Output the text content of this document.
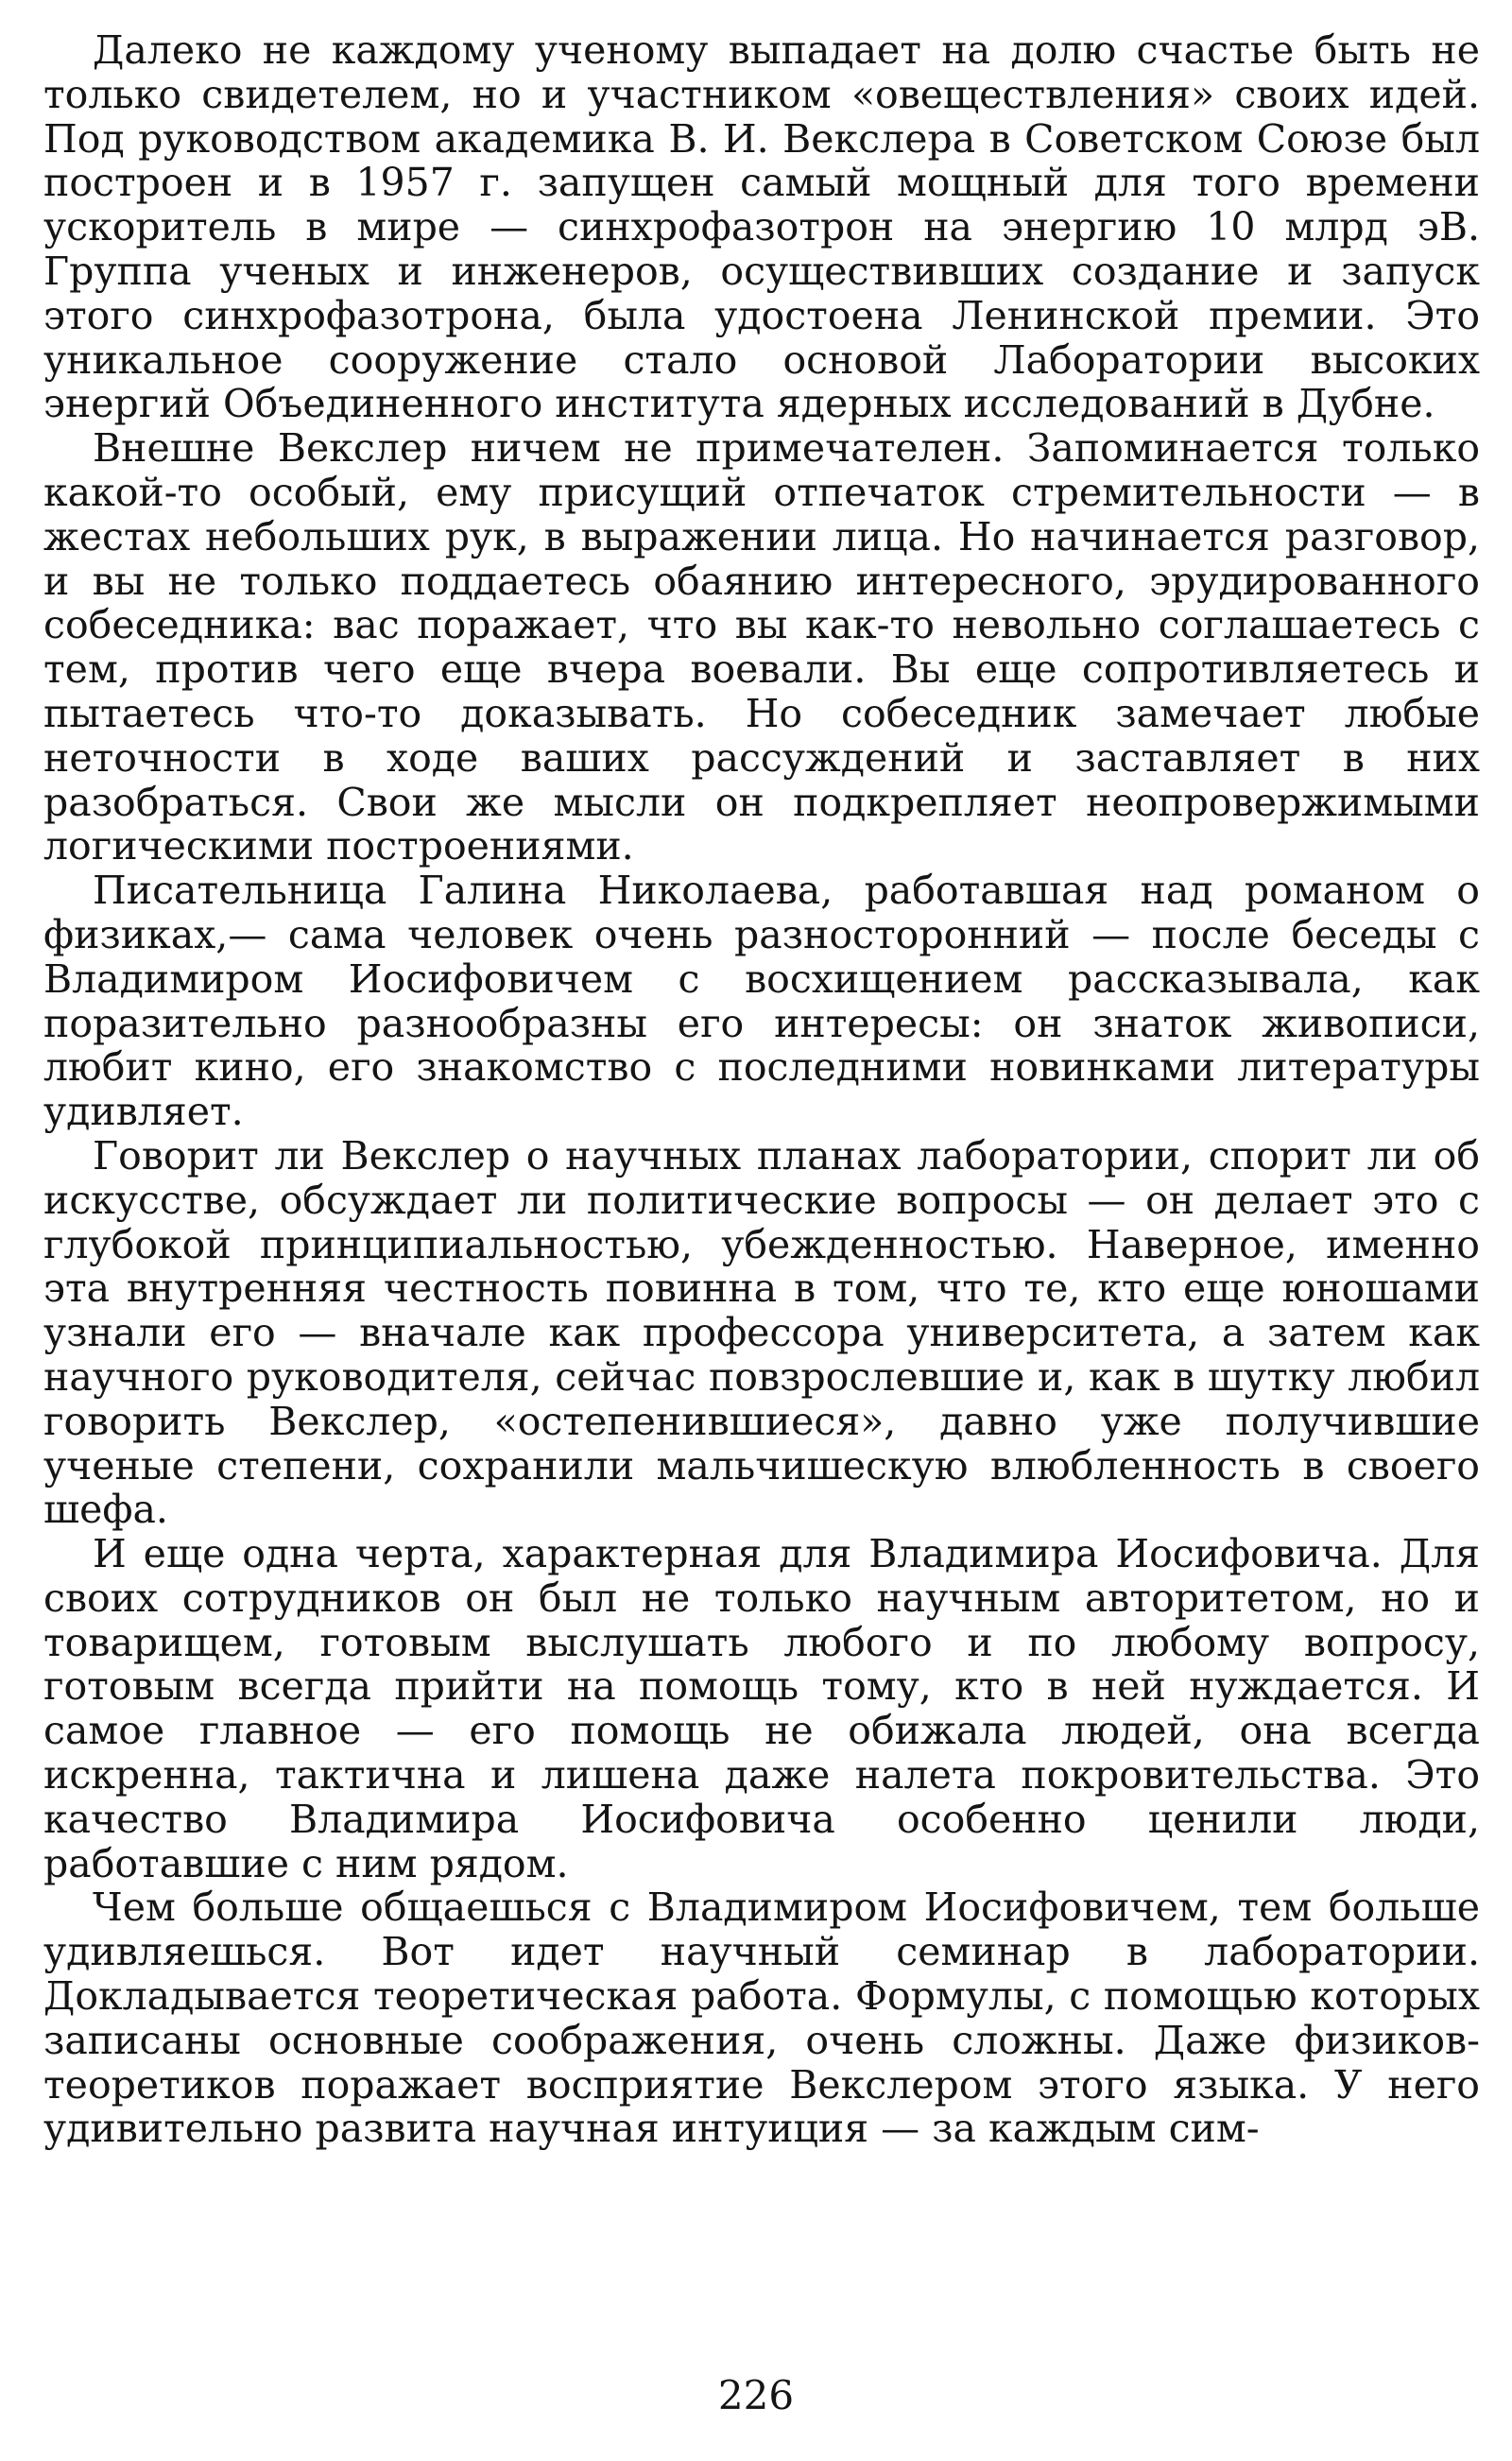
Далеко не каждому ученому выпадает на долю счастье быть не только свидетелем, но и участником «овеществления» своих идей. Под руководством академика В. И. Векслера в Советском Союзе был построен и в 1957 г. запущен самый мощный для того времени ускоритель в мире — синхрофазотрон на энергию 10 млрд эВ. Группа ученых и инженеров, осуществивших создание и запуск этого синхрофазотрона, была удостоена Ленинской премии. Это уникальное сооружение стало основой Лаборатории высоких энергий Объединенного института ядерных исследований в Дубне.

Внешне Векслер ничем не примечателен. Запоминается только какой-то особый, ему присущий отпечаток стремительности — в жестах небольших рук, в выражении лица. Но начинается разговор, и вы не только поддаетесь обаянию интересного, эрудированного собеседника: вас поражает, что вы как-то невольно соглашаетесь с тем, против чего еще вчера воевали. Вы еще сопротивляетесь и пытаетесь что-то доказывать. Но собеседник замечает любые неточности в ходе ваших рассуждений и заставляет в них разобраться. Свои же мысли он подкрепляет неопровержимыми логическими построениями.

Писательница Галина Николаева, работавшая над романом о физиках,— сама человек очень разносторонний — после беседы с Владимиром Иосифовичем с восхищением рассказывала, как поразительно разнообразны его интересы: он знаток живописи, любит кино, его знакомство с последними новинками литературы удивляет.

Говорит ли Векслер о научных планах лаборатории, спорит ли об искусстве, обсуждает ли политические вопросы — он делает это с глубокой принципиальностью, убежденностью. Наверное, именно эта внутренняя честность повинна в том, что те, кто еще юношами узнали его — вначале как профессора университета, а затем как научного руководителя, сейчас повзрослевшие и, как в шутку любил говорить Векслер, «остепенившиеся», давно уже получившие ученые степени, сохранили мальчишескую влюбленность в своего шефа.

И еще одна черта, характерная для Владимира Иосифовича. Для своих сотрудников он был не только научным авторитетом, но и товарищем, готовым выслушать любого и по любому вопросу, готовым всегда прийти на помощь тому, кто в ней нуждается. И самое главное — его помощь не обижала людей, она всегда искренна, тактична и лишена даже налета покровительства. Это качество Владимира Иосифовича особенно ценили люди, работавшие с ним рядом.

Чем больше общаешься с Владимиром Иосифовичем, тем больше удивляешься. Вот идет научный семинар в лаборатории. Докладывается теоретическая работа. Формулы, с помощью которых записаны основные соображения, очень сложны. Даже физиков-теоретиков поражает восприятие Векслером этого языка. У него удивительно развита научная интуиция — за каждым сим-

226
